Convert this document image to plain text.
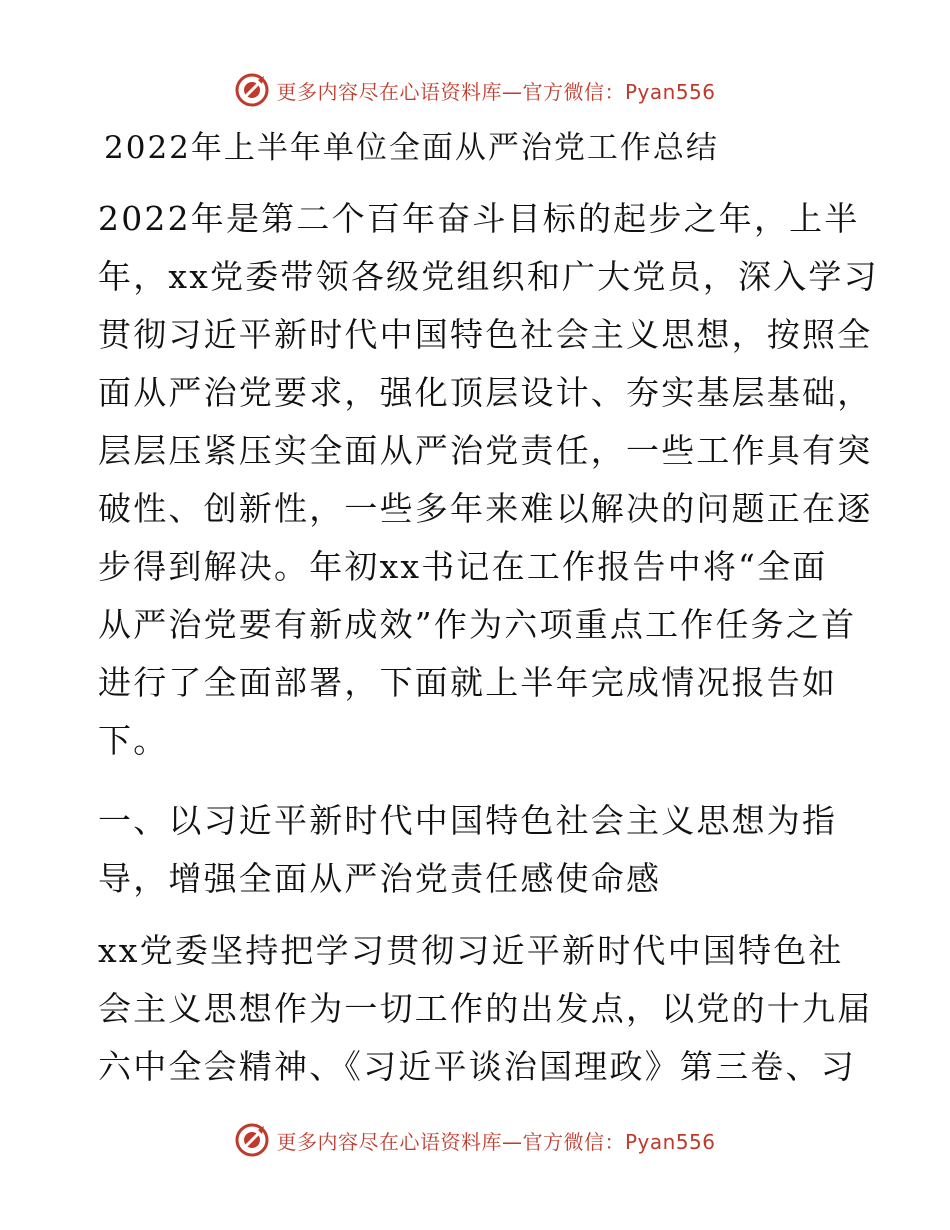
更多内容尽在心语资料库—官方微信：Pyan556
2022年上半年单位全面从严治党工作总结
2022年是第二个百年奋斗目标的起步之年，上半
年，xx党委带领各级党组织和广大党员，深入学习
贯彻习近平新时代中国特色社会主义思想，按照全
面从严治党要求，强化顶层设计、夯实基层基础，
层层压紧压实全面从严治党责任，一些工作具有突
破性、创新性，一些多年来难以解决的问题正在逐
步得到解决。年初xx书记在工作报告中将“全面
从严治党要有新成效”作为六项重点工作任务之首
进行了全面部署，下面就上半年完成情况报告如
下。
一、以习近平新时代中国特色社会主义思想为指
导，增强全面从严治党责任感使命感
xx党委坚持把学习贯彻习近平新时代中国特色社
会主义思想作为一切工作的出发点，以党的十九届
六中全会精神、《习近平谈治国理政》第三卷、习
更多内容尽在心语资料库—官方微信：Pyan556
